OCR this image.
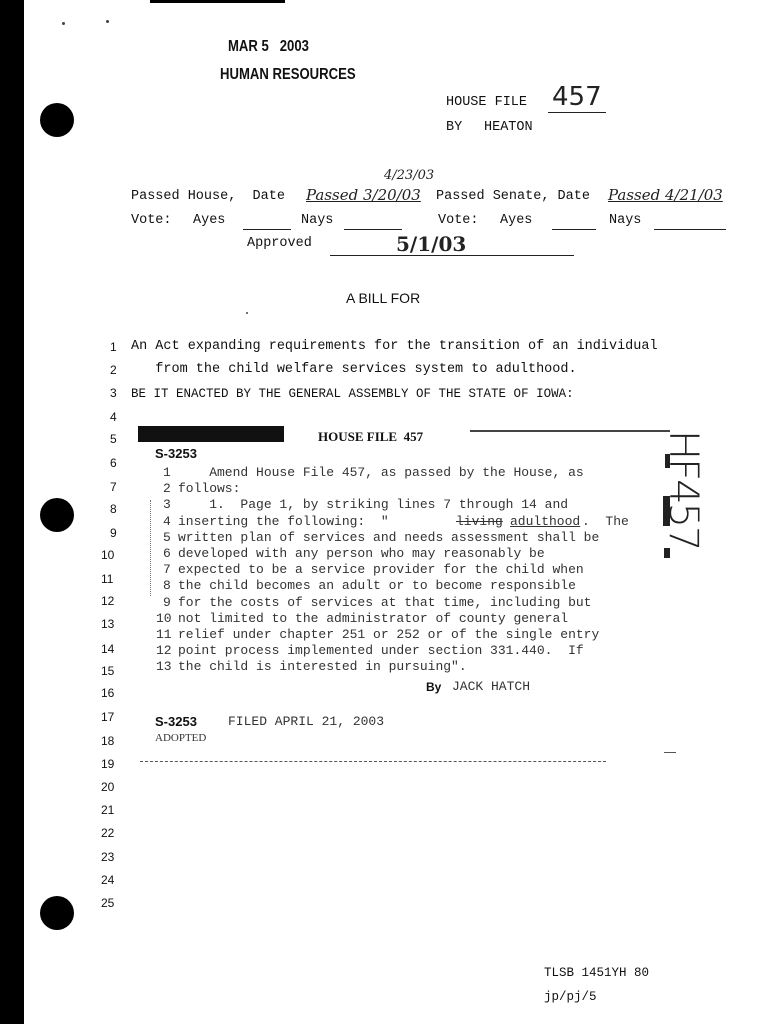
MAR 5   2003
HUMAN RESOURCES
HOUSE FILE 457
BY HEATON
4/23/03
Passed House,  Date Passed 3/20/03 Passed Senate, Date Passed 4/21/03
Vote: Ayes	Nays	Vote: Ayes	Nays
Approved	5/1/03
A BILL FOR
1
2
3
4
5
6
7
8
9
10
11
12
13
14
15
16
17
18
19
20
21
22
23
24
25
An Act expanding requirements for the transition of an individual
from the child welfare services system to adulthood.
BE IT ENACTED BY THE GENERAL ASSEMBLY OF THE STATE OF IOWA:
HOUSE FILE  457
S-3253
1 Amend House File 457, as passed by the House, as
2 follows:
3 1.  Page 1, by striking lines 7 through 14 and
4 inserting the following:  "
5 written plan of services and needs assessment shall be
6 developed with any person who may reasonably be
7 expected to be a service provider for the child when
8 the child becomes an adult or to become responsible
9 for the costs of services at that time, including but
10 not limited to the administrator of county general
11 relief under chapter 251 or 252 or of the single entry
12 point process implemented under section 331.440.  If
13 the child is interested in pursuing".
living adulthood .  The
By JACK HATCH
S-3253 FILED APRIL 21, 2003
ADOPTED
HF457
TLSB 1451YH 80
jp/pj/5
